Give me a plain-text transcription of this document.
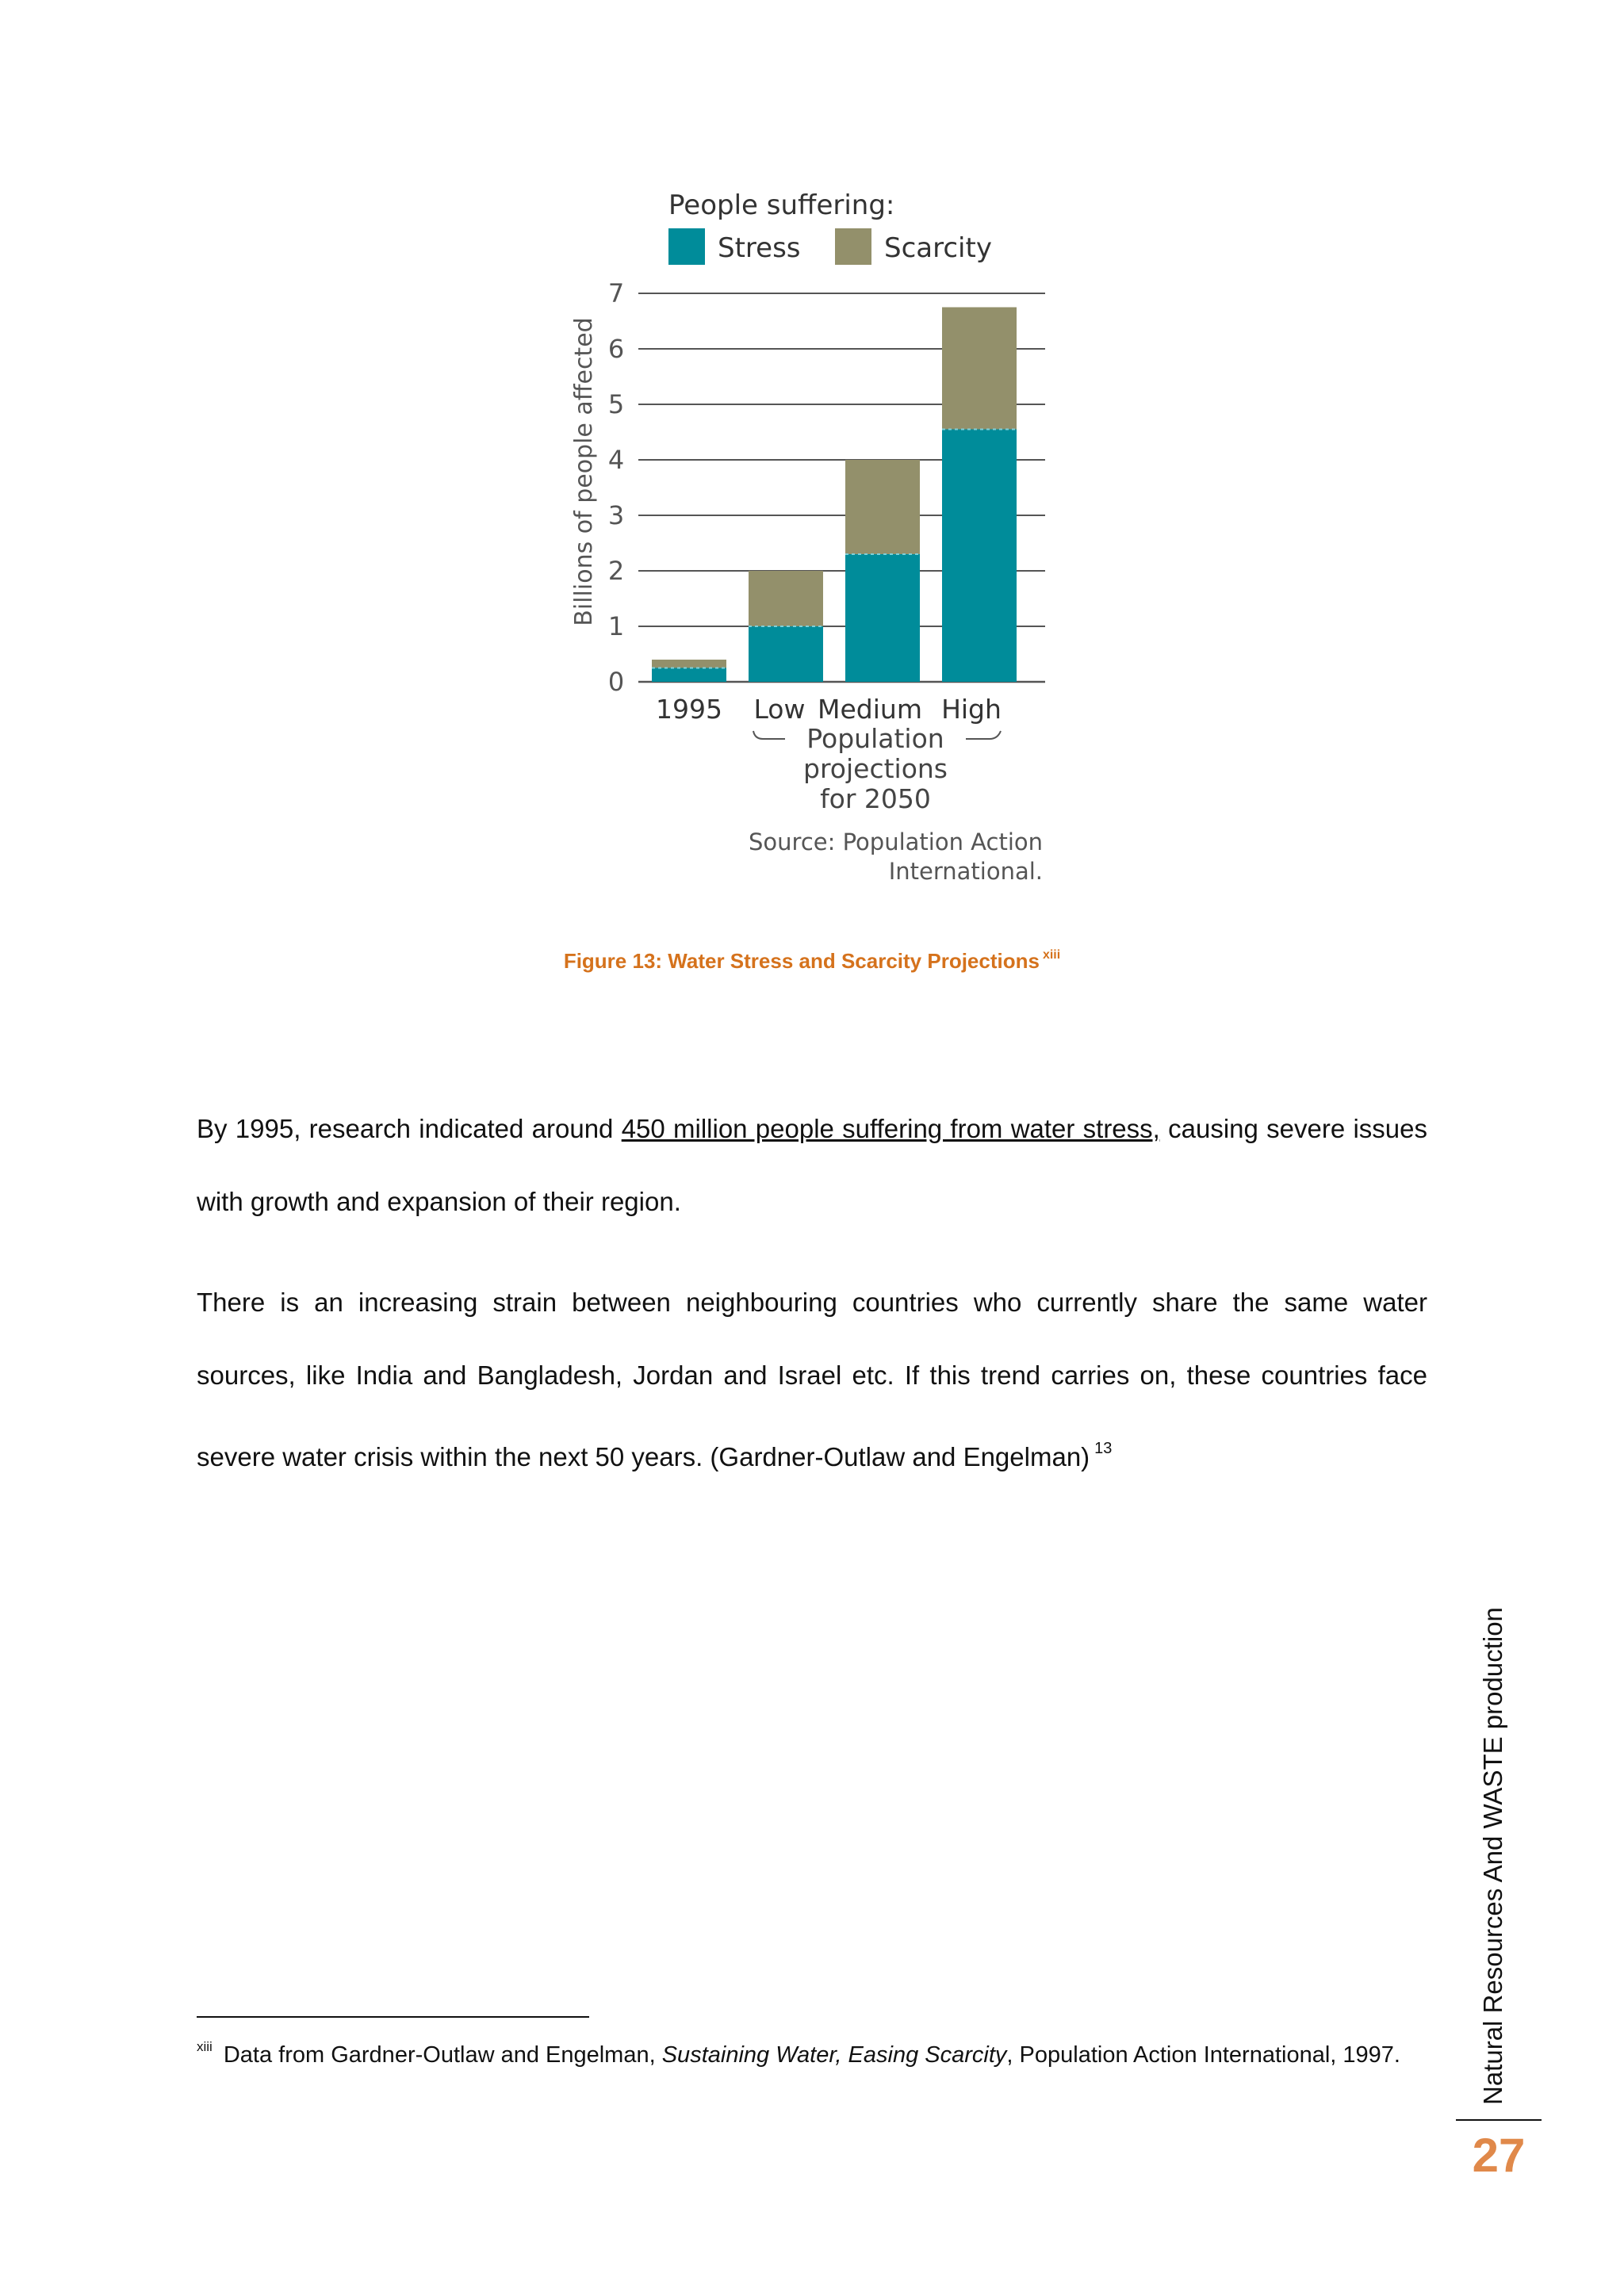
People suffering:
Stress	Scarcity
Billions of people affected
0
1
2
3
4
5
6
7
1995 Low Medium High
Population
projections
for 2050
Source: Population Action
International.
Figure 13: Water Stress and Scarcity Projections $^{xiii}$
By 1995, research indicated around 450 million people suffering from water stress, causing severe issues with growth and expansion of their region.
There is an increasing strain between neighbouring countries who currently share the same water sources, like India and Bangladesh, Jordan and Israel etc. If this trend carries on, these countries face severe water crisis within the next 50 years. (Gardner-Outlaw and Engelman) $^{13}$
$^{xiii}$ Data from Gardner-Outlaw and Engelman, Sustaining Water, Easing Scarcity, Population Action International, 1997.	Natural Resources And WASTE production
27
